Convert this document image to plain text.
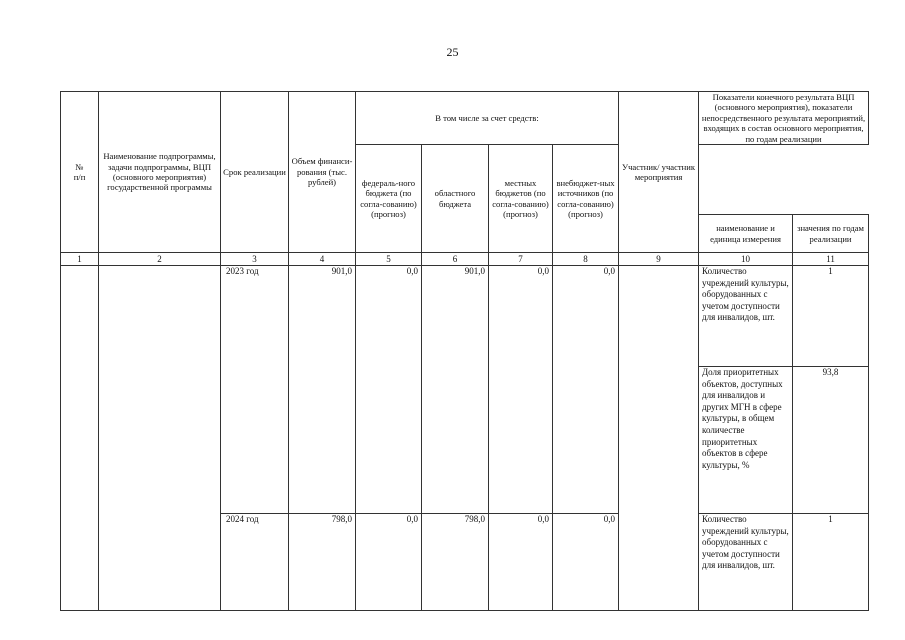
25
№
п/п	Наименование подпрограммы, задачи подпрограммы, ВЦП (основного мероприятия) государственной программы	Срок реализации	Объем финанси-рования (тыс. рублей)	В том числе за счет средств:				Участник/ участник мероприятия	Показатели конечного результата ВЦП (основного мероприятия), показатели непосредственного результата мероприятий, входящих в состав основного мероприятия, по годам реализации	
				федераль-ного бюджета (по согла-сованию) (прогноз)	областного бюджета	местных бюджетов (по согла-сованию) (прогноз)	внебюджет-ных источников (по согла-сованию) (прогноз)			
									наименование и единица измерения	значения по годам реализации
1	2	3	4	5	6	7	8	9	10	11
		2023 год	901,0	0,0	901,0	0,0	0,0		Количество учреждений культуры, оборудованных с учетом доступности для инвалидов, шт.	1
									Доля приоритетных объектов, доступных для инвалидов и других МГН в сфере культуры, в общем количестве приоритетных объектов в сфере культуры, %	93,8
		2024 год	798,0	0,0	798,0	0,0	0,0		Количество учреждений культуры, оборудованных с учетом доступности для инвалидов, шт.	1
